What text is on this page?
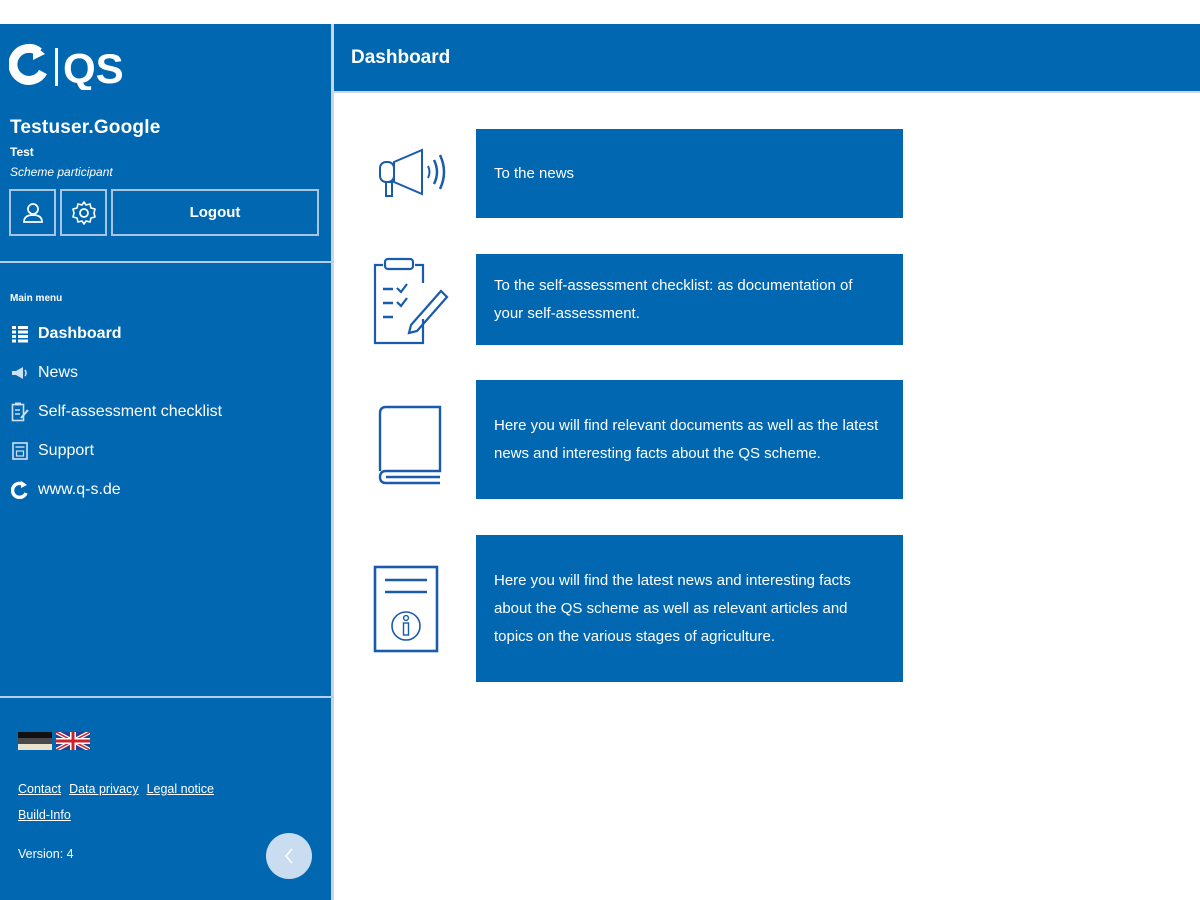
QS
Testuser.Google
Test
Scheme participant
Logout
Main menu
Dashboard
News
Self-assessment checklist
Support
www.q-s.de
Contact Data privacy Legal notice
Build-Info
Version: 4
Dashboard
To the news
To the self-assessment checklist: as documentation of your self-assessment.
Here you will find relevant documents as well as the latest news and interesting facts about the QS scheme.
Here you will find the latest news and interesting facts about the QS scheme as well as relevant articles and topics on the various stages of agriculture.
